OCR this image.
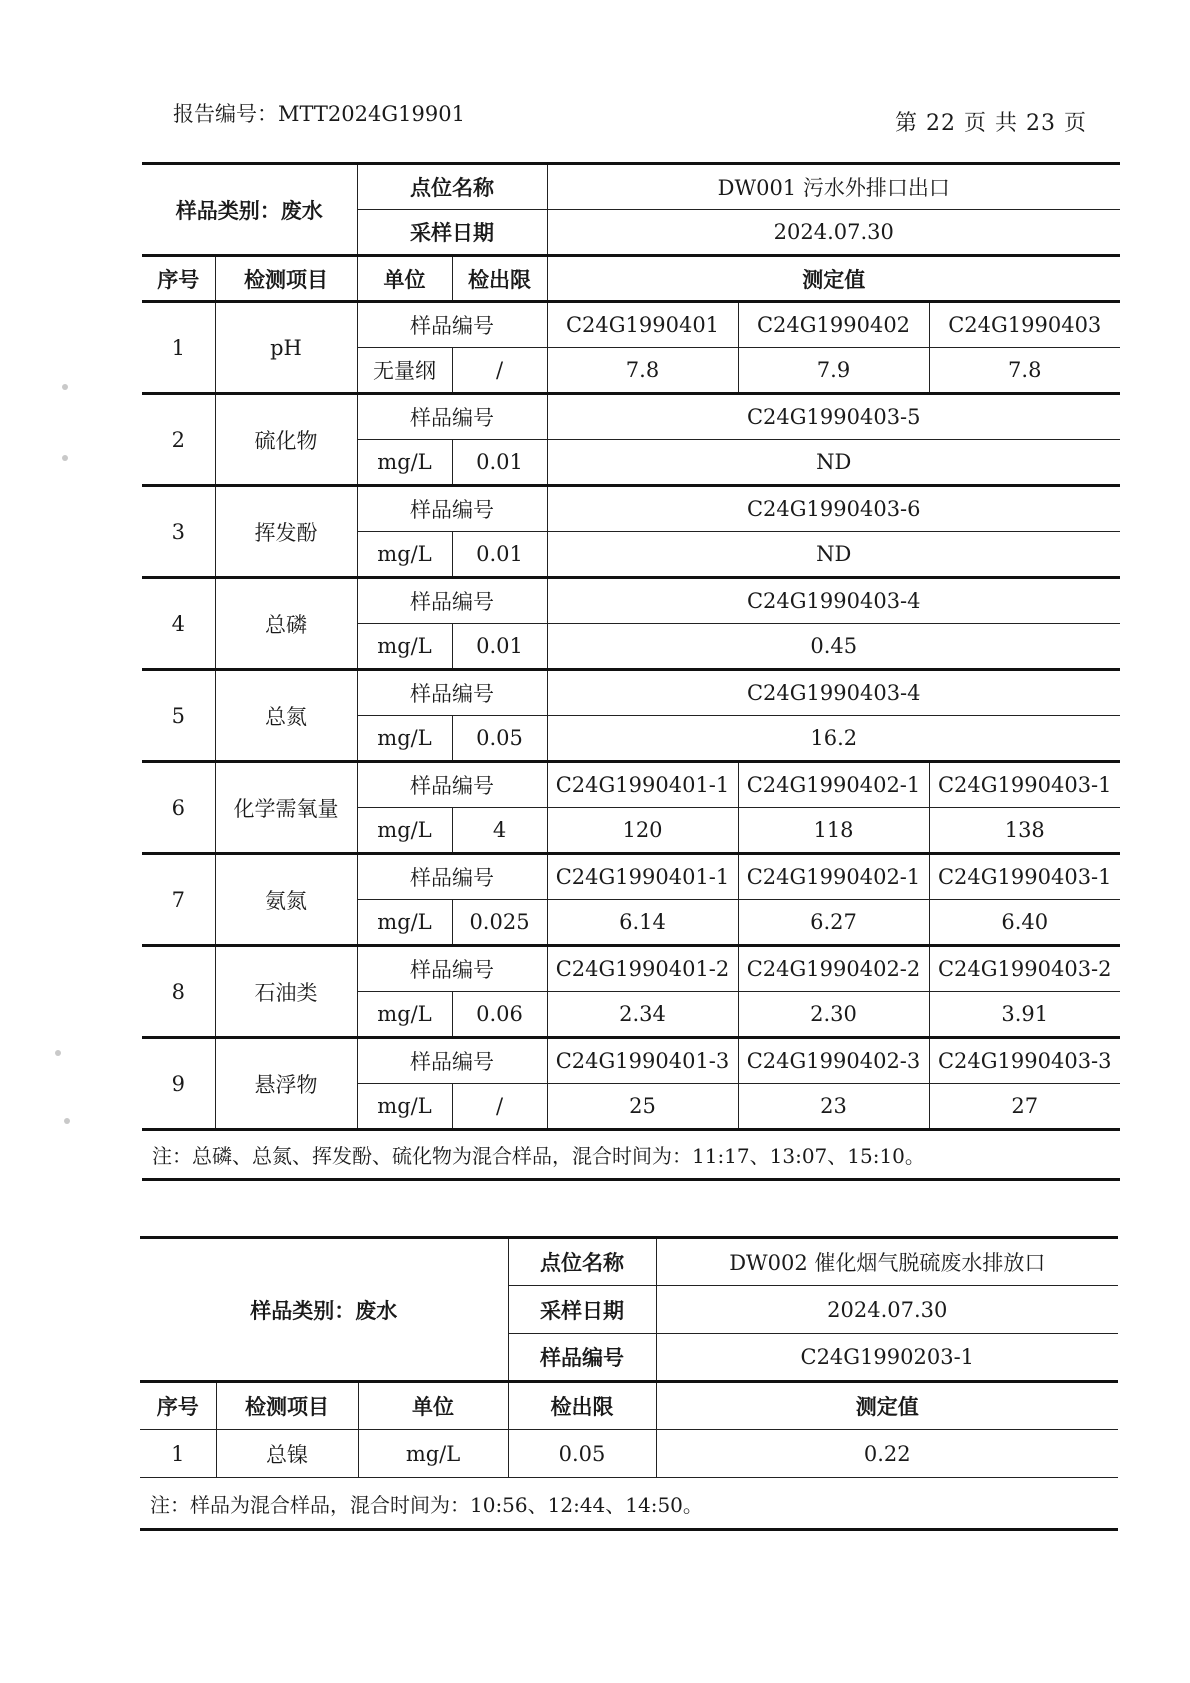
报告编号：MTT2024G19901	第 22 页 共 23 页
样品类别：废水		点位名称		DW001 污水外排口出口		
		采样日期		2024.07.30		
序号	检测项目	单位	检出限	测定值		
1	pH	样品编号		C24G1990401	C24G1990402	C24G1990403
		无量纲	/	7.8	7.9	7.8
2	硫化物	样品编号		C24G1990403-5		
		mg/L	0.01	ND		
3	挥发酚	样品编号		C24G1990403-6		
		mg/L	0.01	ND		
4	总磷	样品编号		C24G1990403-4		
		mg/L	0.01	0.45		
5	总氮	样品编号		C24G1990403-4		
		mg/L	0.05	16.2		
6	化学需氧量	样品编号		C24G1990401-1	C24G1990402-1	C24G1990403-1
		mg/L	4	120	118	138
7	氨氮	样品编号		C24G1990401-1	C24G1990402-1	C24G1990403-1
		mg/L	0.025	6.14	6.27	6.40
8	石油类	样品编号		C24G1990401-2	C24G1990402-2	C24G1990403-2
		mg/L	0.06	2.34	2.30	3.91
9	悬浮物	样品编号		C24G1990401-3	C24G1990402-3	C24G1990403-3
		mg/L	/	25	23	27
注：总磷、总氮、挥发酚、硫化物为混合样品，混合时间为：11:17、13:07、15:10。						
样品类别：废水			点位名称	DW002 催化烟气脱硫废水排放口
			采样日期	2024.07.30
			样品编号	C24G1990203-1
序号	检测项目	单位	检出限	测定值
1	总镍	mg/L	0.05	0.22
注：样品为混合样品，混合时间为：10:56、12:44、14:50。				
